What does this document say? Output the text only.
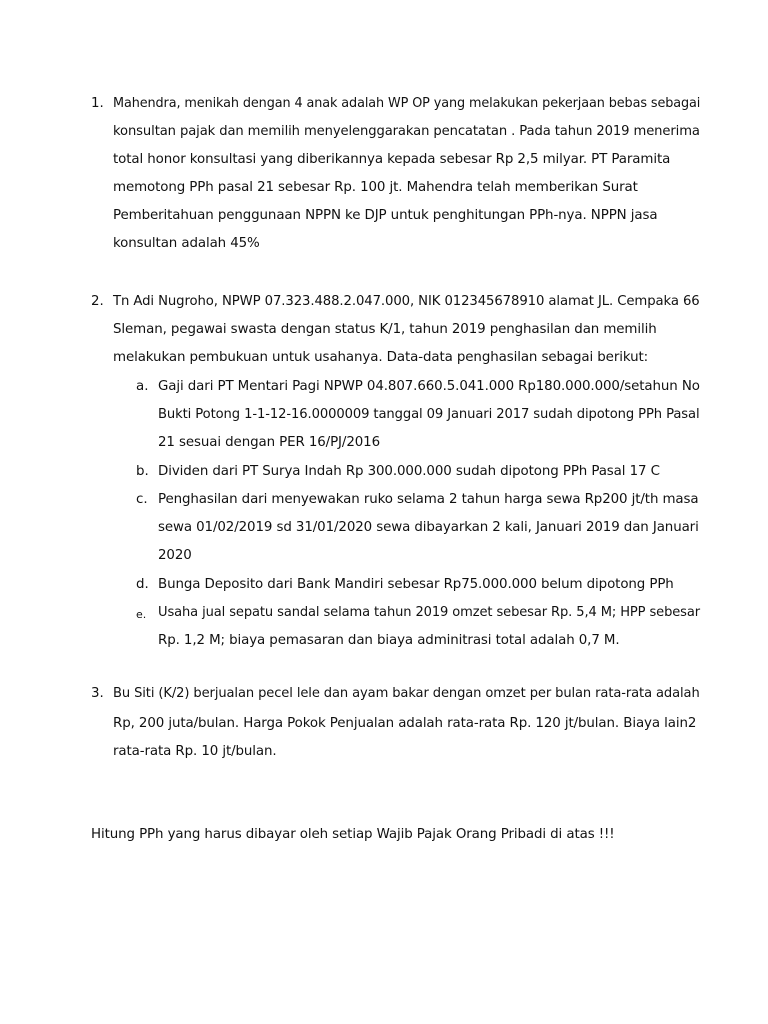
1. Mahendra, menikah dengan 4 anak adalah WP OP yang melakukan pekerjaan bebas sebagai
konsultan pajak dan memilih menyelenggarakan pencatatan . Pada tahun 2019 menerima
total honor konsultasi yang diberikannya kepada sebesar Rp 2,5 milyar. PT Paramita
memotong PPh pasal 21 sebesar Rp. 100 jt. Mahendra telah memberikan Surat
Pemberitahuan penggunaan NPPN ke DJP untuk penghitungan PPh-nya. NPPN jasa
konsultan adalah 45%
2. Tn Adi Nugroho, NPWP 07.323.488.2.047.000, NIK 012345678910 alamat JL. Cempaka 66
Sleman, pegawai swasta dengan status K/1, tahun 2019 penghasilan dan memilih
melakukan pembukuan untuk usahanya. Data-data penghasilan sebagai berikut:
a. Gaji dari PT Mentari Pagi NPWP 04.807.660.5.041.000 Rp180.000.000/setahun No
Bukti Potong 1-1-12-16.0000009 tanggal 09 Januari 2017 sudah dipotong PPh Pasal
21 sesuai dengan PER 16/PJ/2016
b. Dividen dari PT Surya Indah Rp 300.000.000 sudah dipotong PPh Pasal 17 C
c. Penghasilan dari menyewakan ruko selama 2 tahun harga sewa Rp200 jt/th masa
sewa 01/02/2019 sd 31/01/2020 sewa dibayarkan 2 kali, Januari 2019 dan Januari
2020
d. Bunga Deposito dari Bank Mandiri sebesar Rp75.000.000 belum dipotong PPh
e. Usaha jual sepatu sandal selama tahun 2019 omzet sebesar Rp. 5,4 M; HPP sebesar
Rp. 1,2 M; biaya pemasaran dan biaya adminitrasi total adalah 0,7 M.
3. Bu Siti (K/2) berjualan pecel lele dan ayam bakar dengan omzet per bulan rata-rata adalah
Rp, 200 juta/bulan. Harga Pokok Penjualan adalah rata-rata Rp. 120 jt/bulan. Biaya lain2
rata-rata Rp. 10 jt/bulan.
Hitung PPh yang harus dibayar oleh setiap Wajib Pajak Orang Pribadi di atas !!!
